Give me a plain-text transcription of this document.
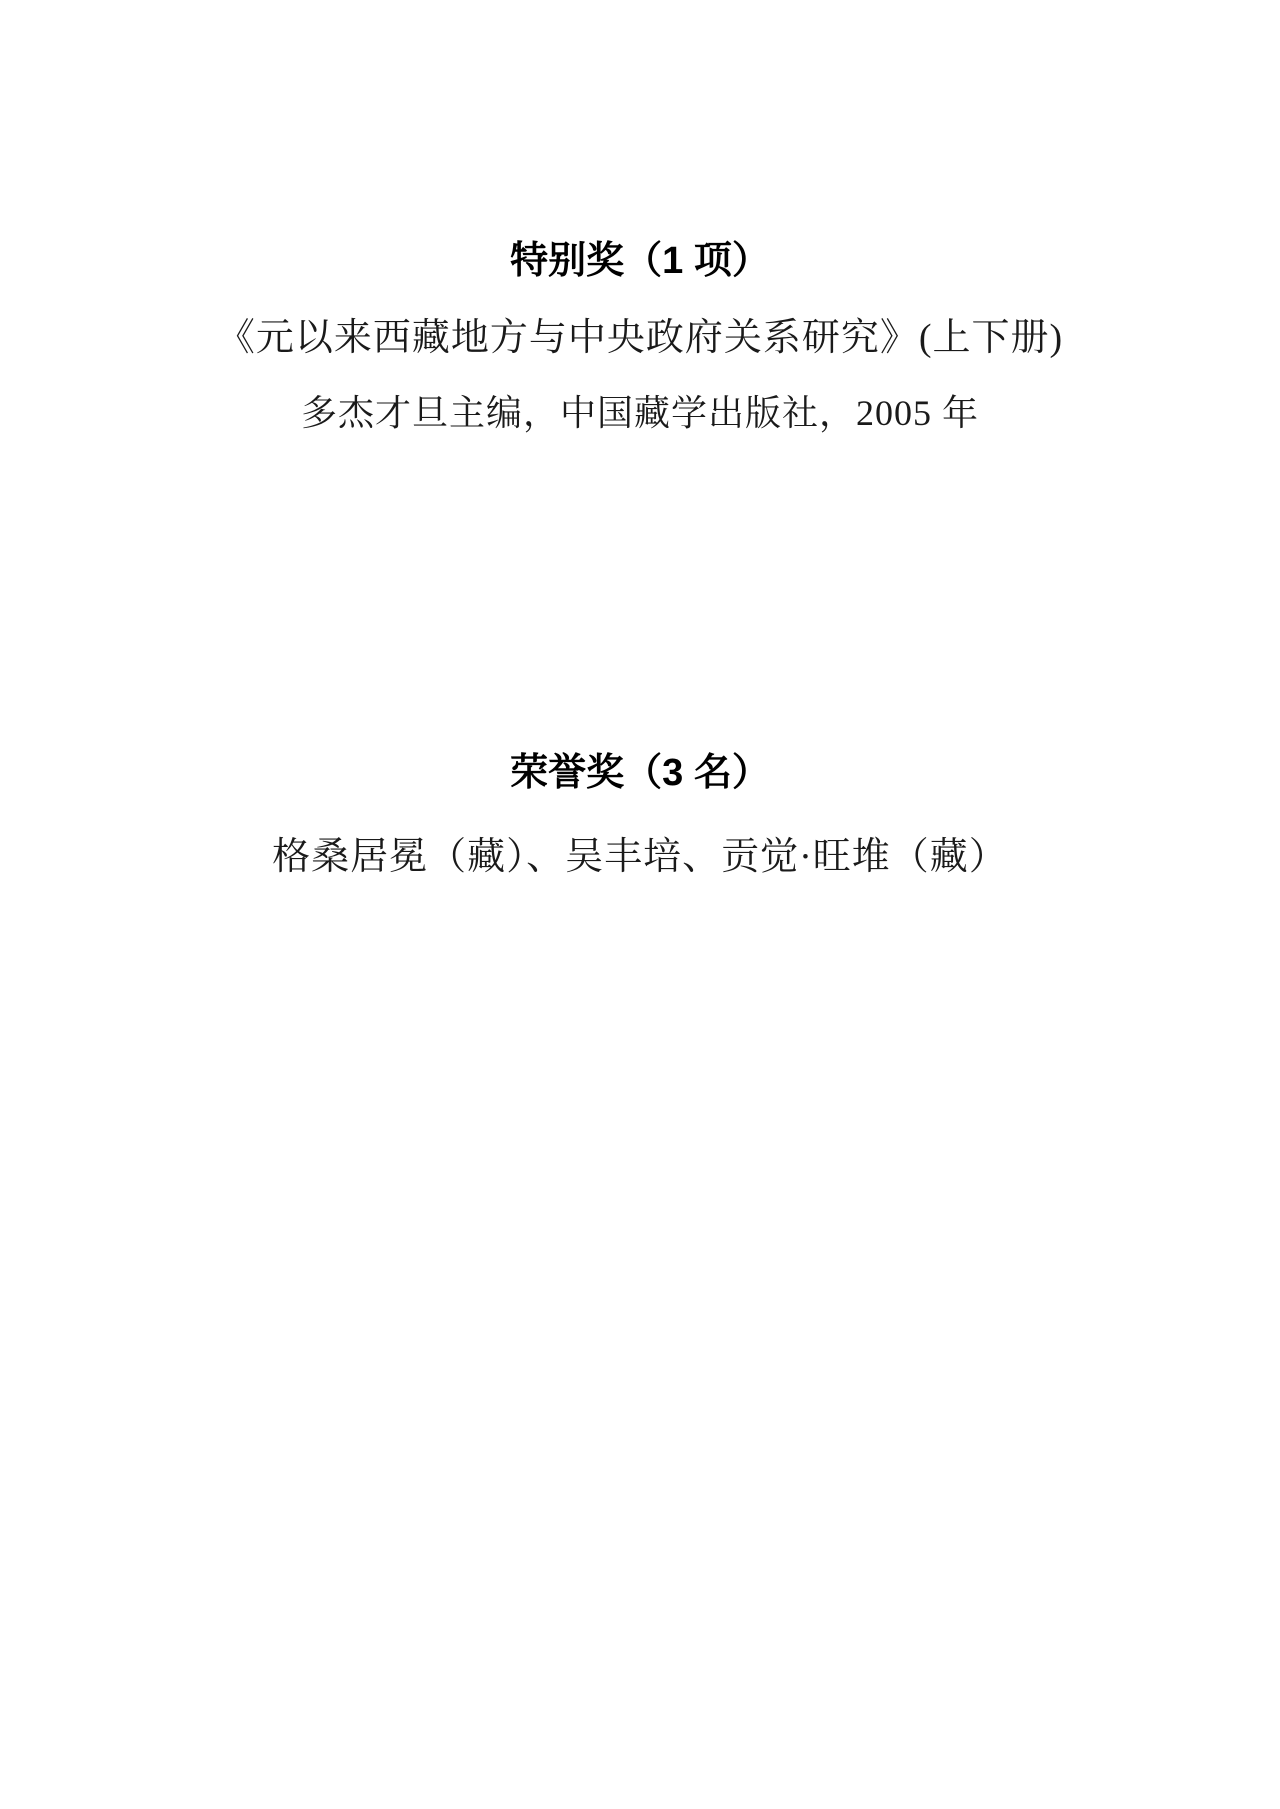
特别奖（1 项）

《元以来西藏地方与中央政府关系研究》(上下册)

多杰才旦主编，中国藏学出版社，2005 年

荣誉奖（3 名）

格桑居冕（藏）、吴丰培、贡觉·旺堆（藏）
